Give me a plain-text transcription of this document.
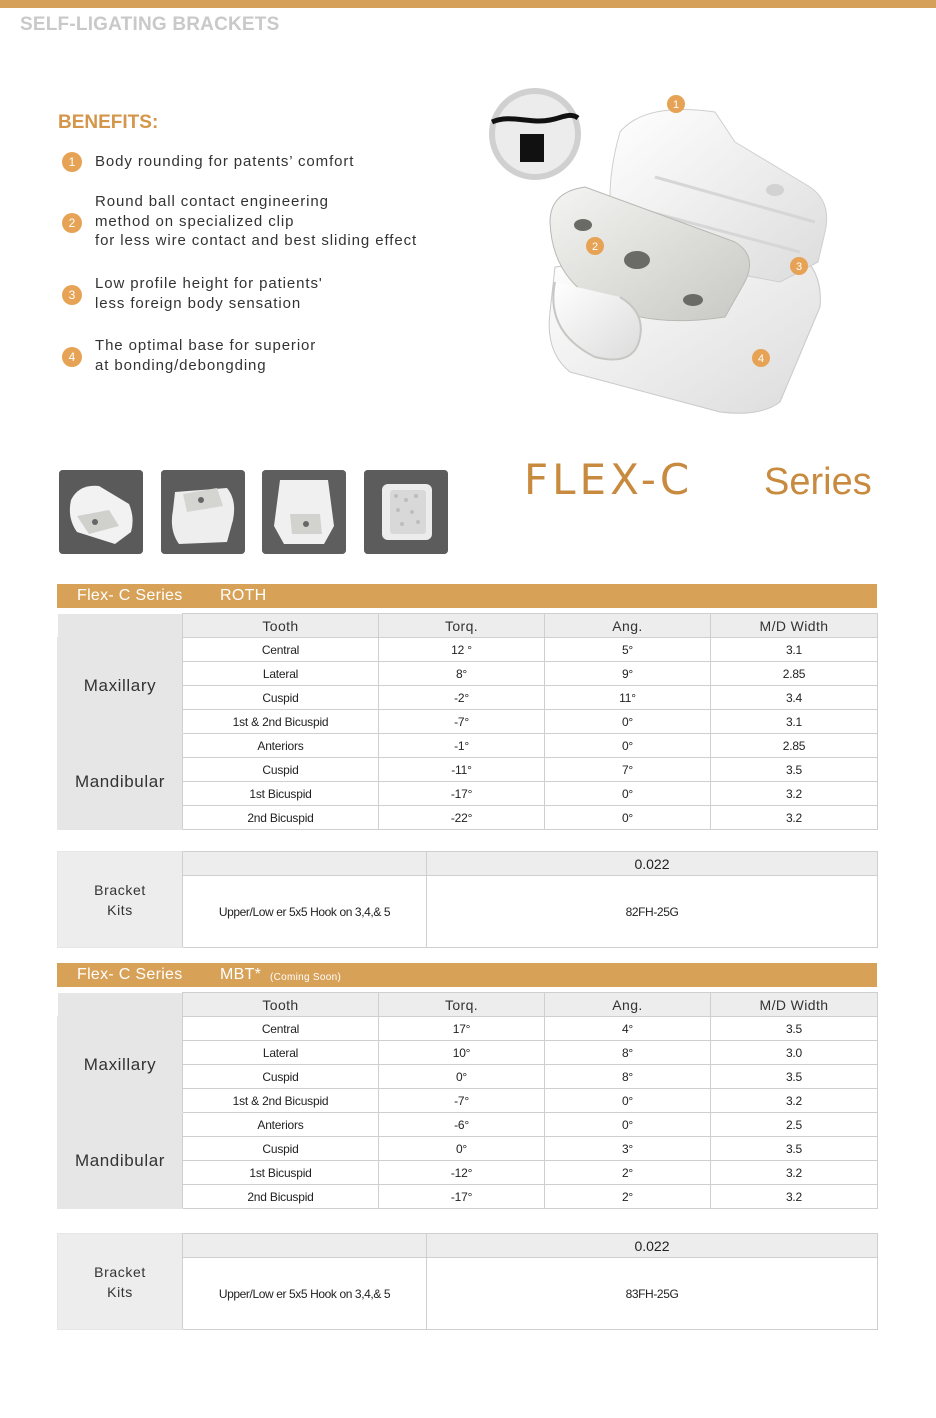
SELF-LIGATING BRACKETS
BENEFITS:
1	Body rounding for patents’ comfort
2
Round ball contact engineering
method on specialized clip
for less wire contact and best sliding effect
3
Low profile height for patients'
less foreign body sensation
4
The optimal base for superior
at bonding/debongding
1
2
3
4
FLEX-C Series
Flex- C Series ROTH
	Tooth	Torq.	Ang.	M/D Width
Maxillary	Central	12 °	5°	3.1
	Lateral	8°	9°	2.85
	Cuspid	-2°	11°	3.4
	1st & 2nd Bicuspid	-7°	0°	3.1
Mandibular	Anteriors	-1°	0°	2.85
	Cuspid	-11°	7°	3.5
	1st Bicuspid	-17°	0°	3.2
	2nd Bicuspid	-22°	0°	3.2
Bracket
Kits		0.022
	Upper/Low er 5x5 Hook on 3,4,& 5	82FH-25G
Flex- C Series MBT* (Coming Soon)
	Tooth	Torq.	Ang.	M/D Width
Maxillary	Central	17°	4°	3.5
	Lateral	10°	8°	3.0
	Cuspid	0°	8°	3.5
	1st & 2nd Bicuspid	-7°	0°	3.2
Mandibular	Anteriors	-6°	0°	2.5
	Cuspid	0°	3°	3.5
	1st Bicuspid	-12°	2°	3.2
	2nd Bicuspid	-17°	2°	3.2
Bracket
Kits		0.022
	Upper/Low er 5x5 Hook on 3,4,& 5	83FH-25G
